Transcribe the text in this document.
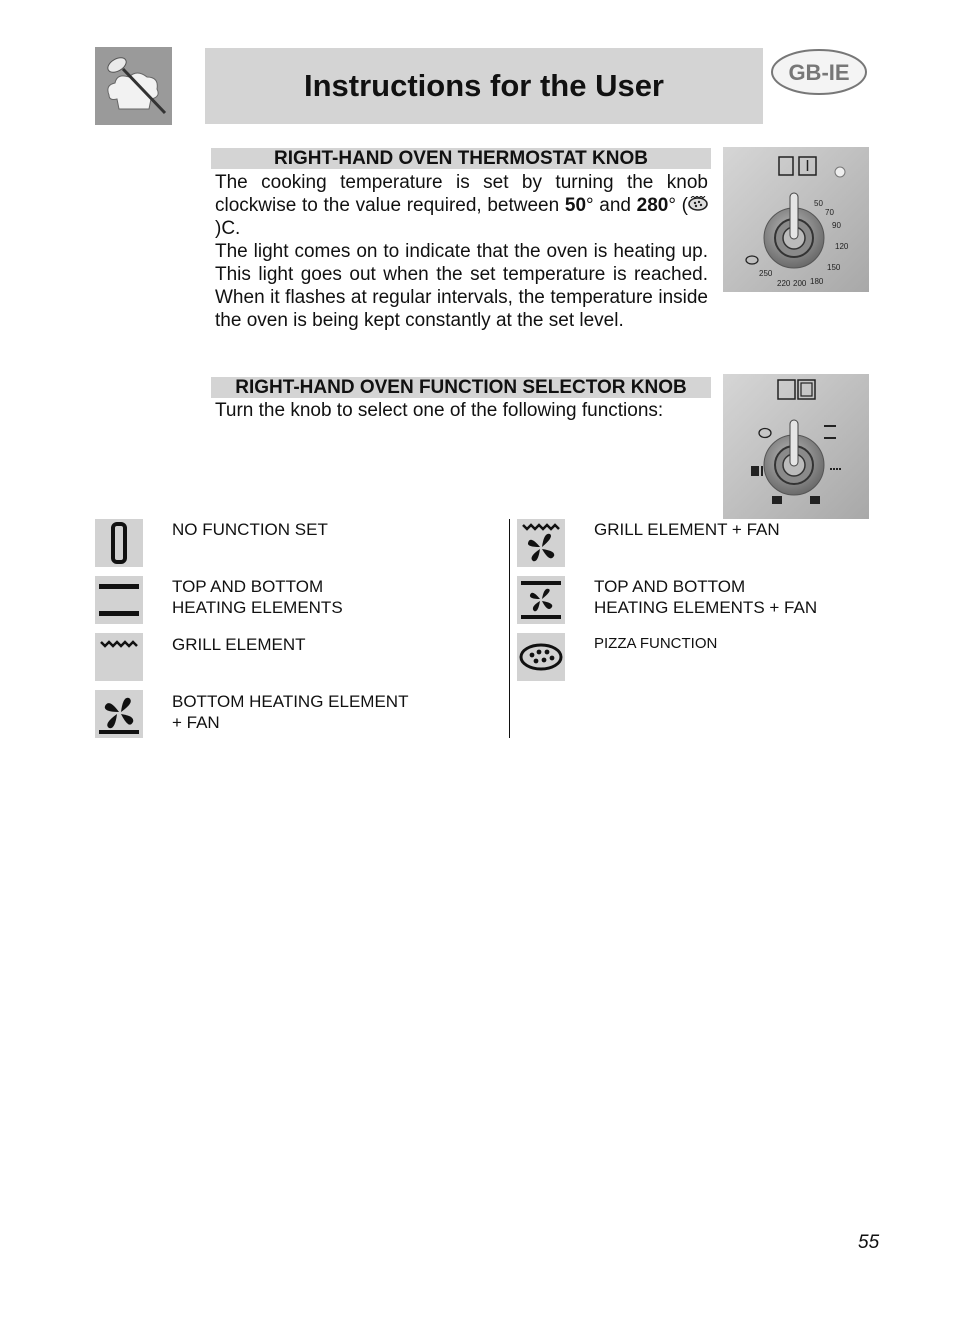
Instructions for the User	GB-IE
RIGHT-HAND OVEN THERMOSTAT KNOB

The cooking temperature is set by turning the knob clockwise to the value required, between 50° and 280° ()C.

The light comes on to indicate that the oven is heating up. This light goes out when the set temperature is reached. When it flashes at regular intervals, the temperature inside the oven is being kept constantly at the set level.

50
70
90
120
150
180
200
220
250
RIGHT-HAND OVEN FUNCTION SELECTOR KNOB
Turn the knob to select one of the following functions:
NO FUNCTION SET
TOP AND BOTTOM
HEATING ELEMENTS
GRILL ELEMENT
BOTTOM HEATING ELEMENT
+ FAN
GRILL ELEMENT + FAN
TOP AND BOTTOM
HEATING ELEMENTS + FAN
PIZZA FUNCTION
55
